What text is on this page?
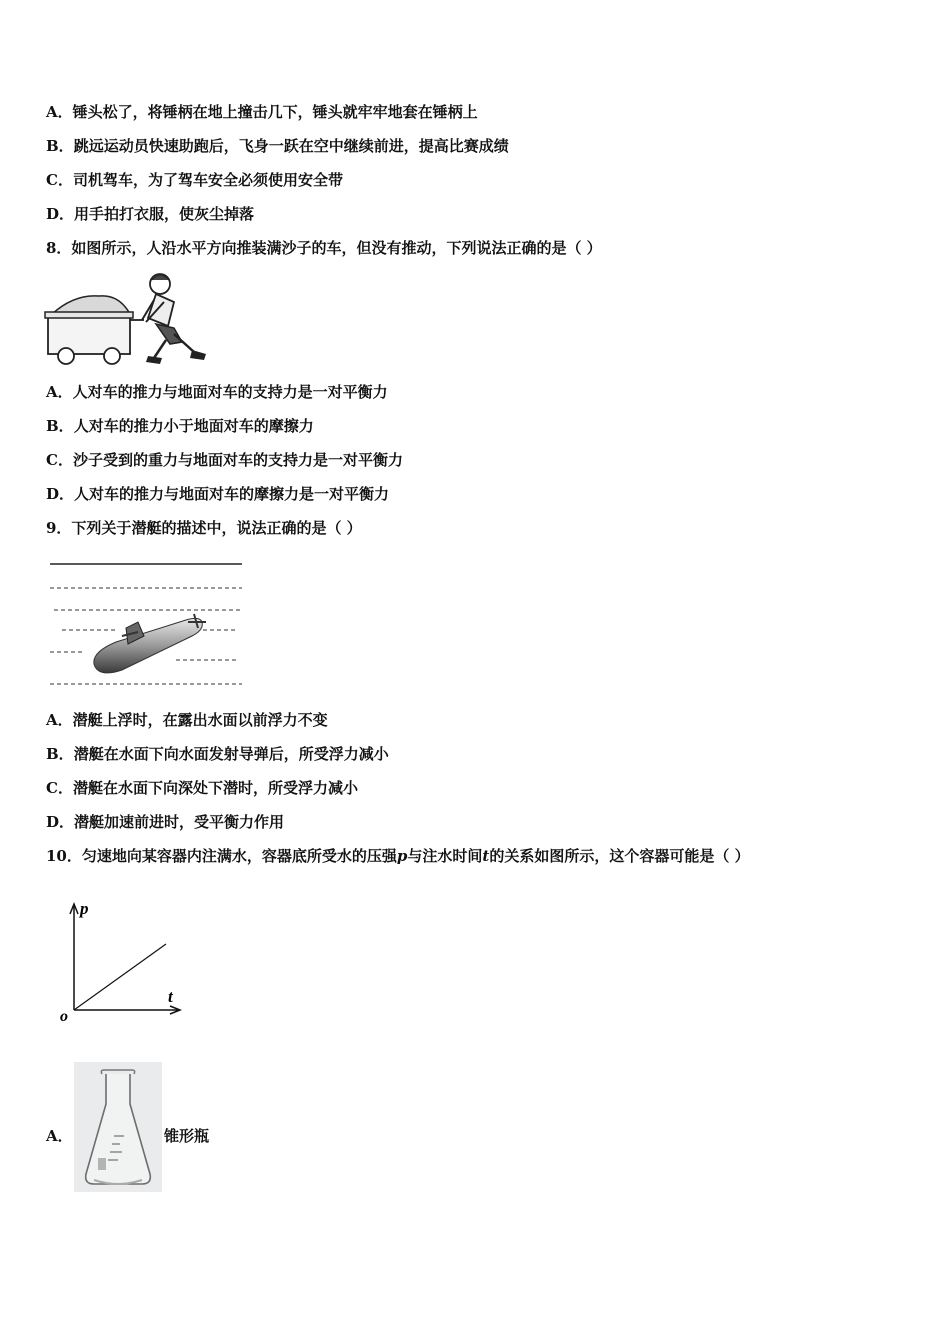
A．锤头松了，将锤柄在地上撞击几下，锤头就牢牢地套在锤柄上
B．跳远运动员快速助跑后，飞身一跃在空中继续前进，提高比赛成绩
C．司机驾车，为了驾车安全必须使用安全带
D．用手拍打衣服，使灰尘掉落
8．如图所示，人沿水平方向推装满沙子的车，但没有推动，下列说法正确的是（ ）
A．人对车的推力与地面对车的支持力是一对平衡力
B．人对车的推力小于地面对车的摩擦力
C．沙子受到的重力与地面对车的支持力是一对平衡力
D．人对车的推力与地面对车的摩擦力是一对平衡力
9．下列关于潜艇的描述中，说法正确的是（ ）
A．潜艇上浮时，在露出水面以前浮力不变
B．潜艇在水面下向水面发射导弹后，所受浮力减小
C．潜艇在水面下向深处下潜时，所受浮力减小
D．潜艇加速前进时，受平衡力作用
10．匀速地向某容器内注满水，容器底所受水的压强p与注水时间t的关系如图所示，这个容器可能是（ ）
p
t
o
A．	锥形瓶
